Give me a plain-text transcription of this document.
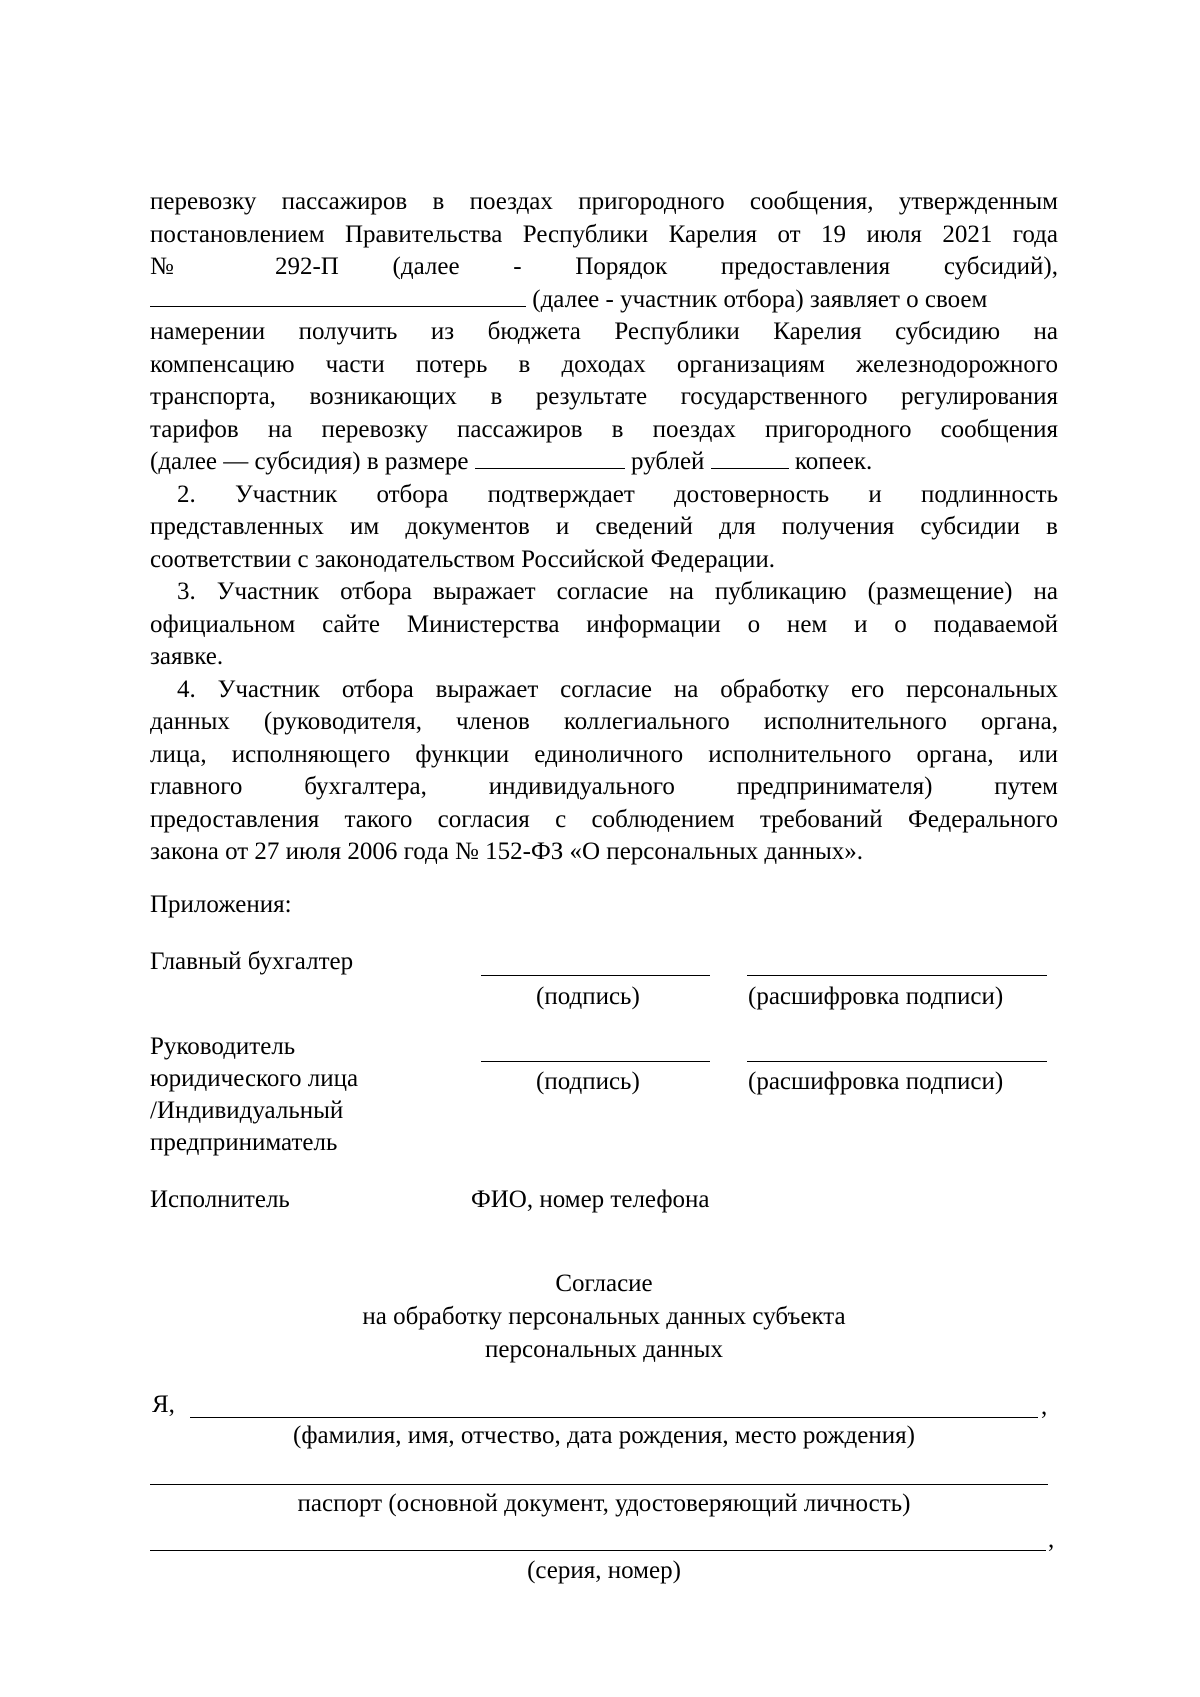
перевозку пассажиров в поездах пригородного сообщения, утвержденным
постановлением Правительства Республики Карелия от 19 июля 2021 года
№ 292-П (далее - Порядок предоставления субсидий),
(далее - участник отбора) заявляет о своем
намерении получить из бюджета Республики Карелия субсидию на
компенсацию части потерь в доходах организациям железнодорожного
транспорта, возникающих в результате государственного регулирования
тарифов на перевозку пассажиров в поездах пригородного сообщения
(далее — субсидия) в размере	рублей	копеек.
2. Участник отбора подтверждает достоверность и подлинность
представленных им документов и сведений для получения субсидии в
соответствии с законодательством Российской Федерации.
3. Участник отбора выражает согласие на публикацию (размещение) на
официальном сайте Министерства информации о нем и о подаваемой
заявке.
4. Участник отбора выражает согласие на обработку его персональных
данных (руководителя, членов коллегиального исполнительного органа,
лица, исполняющего функции единоличного исполнительного органа, или
главного бухгалтера, индивидуального предпринимателя) путем
предоставления такого согласия с соблюдением требований Федерального
закона от 27 июля 2006 года № 152-ФЗ «О персональных данных».
Приложения:
Главный бухгалтер
(подпись)	(расшифровка подписи)
Руководитель
юридического лица
/Индивидуальный
предприниматель
(подпись)	(расшифровка подписи)
Исполнитель	ФИО, номер телефона
Согласие
на обработку персональных данных субъекта
персональных данных
Я,	,
(фамилия, имя, отчество, дата рождения, место рождения)
паспорт (основной документ, удостоверяющий личность)
,
(серия, номер)
